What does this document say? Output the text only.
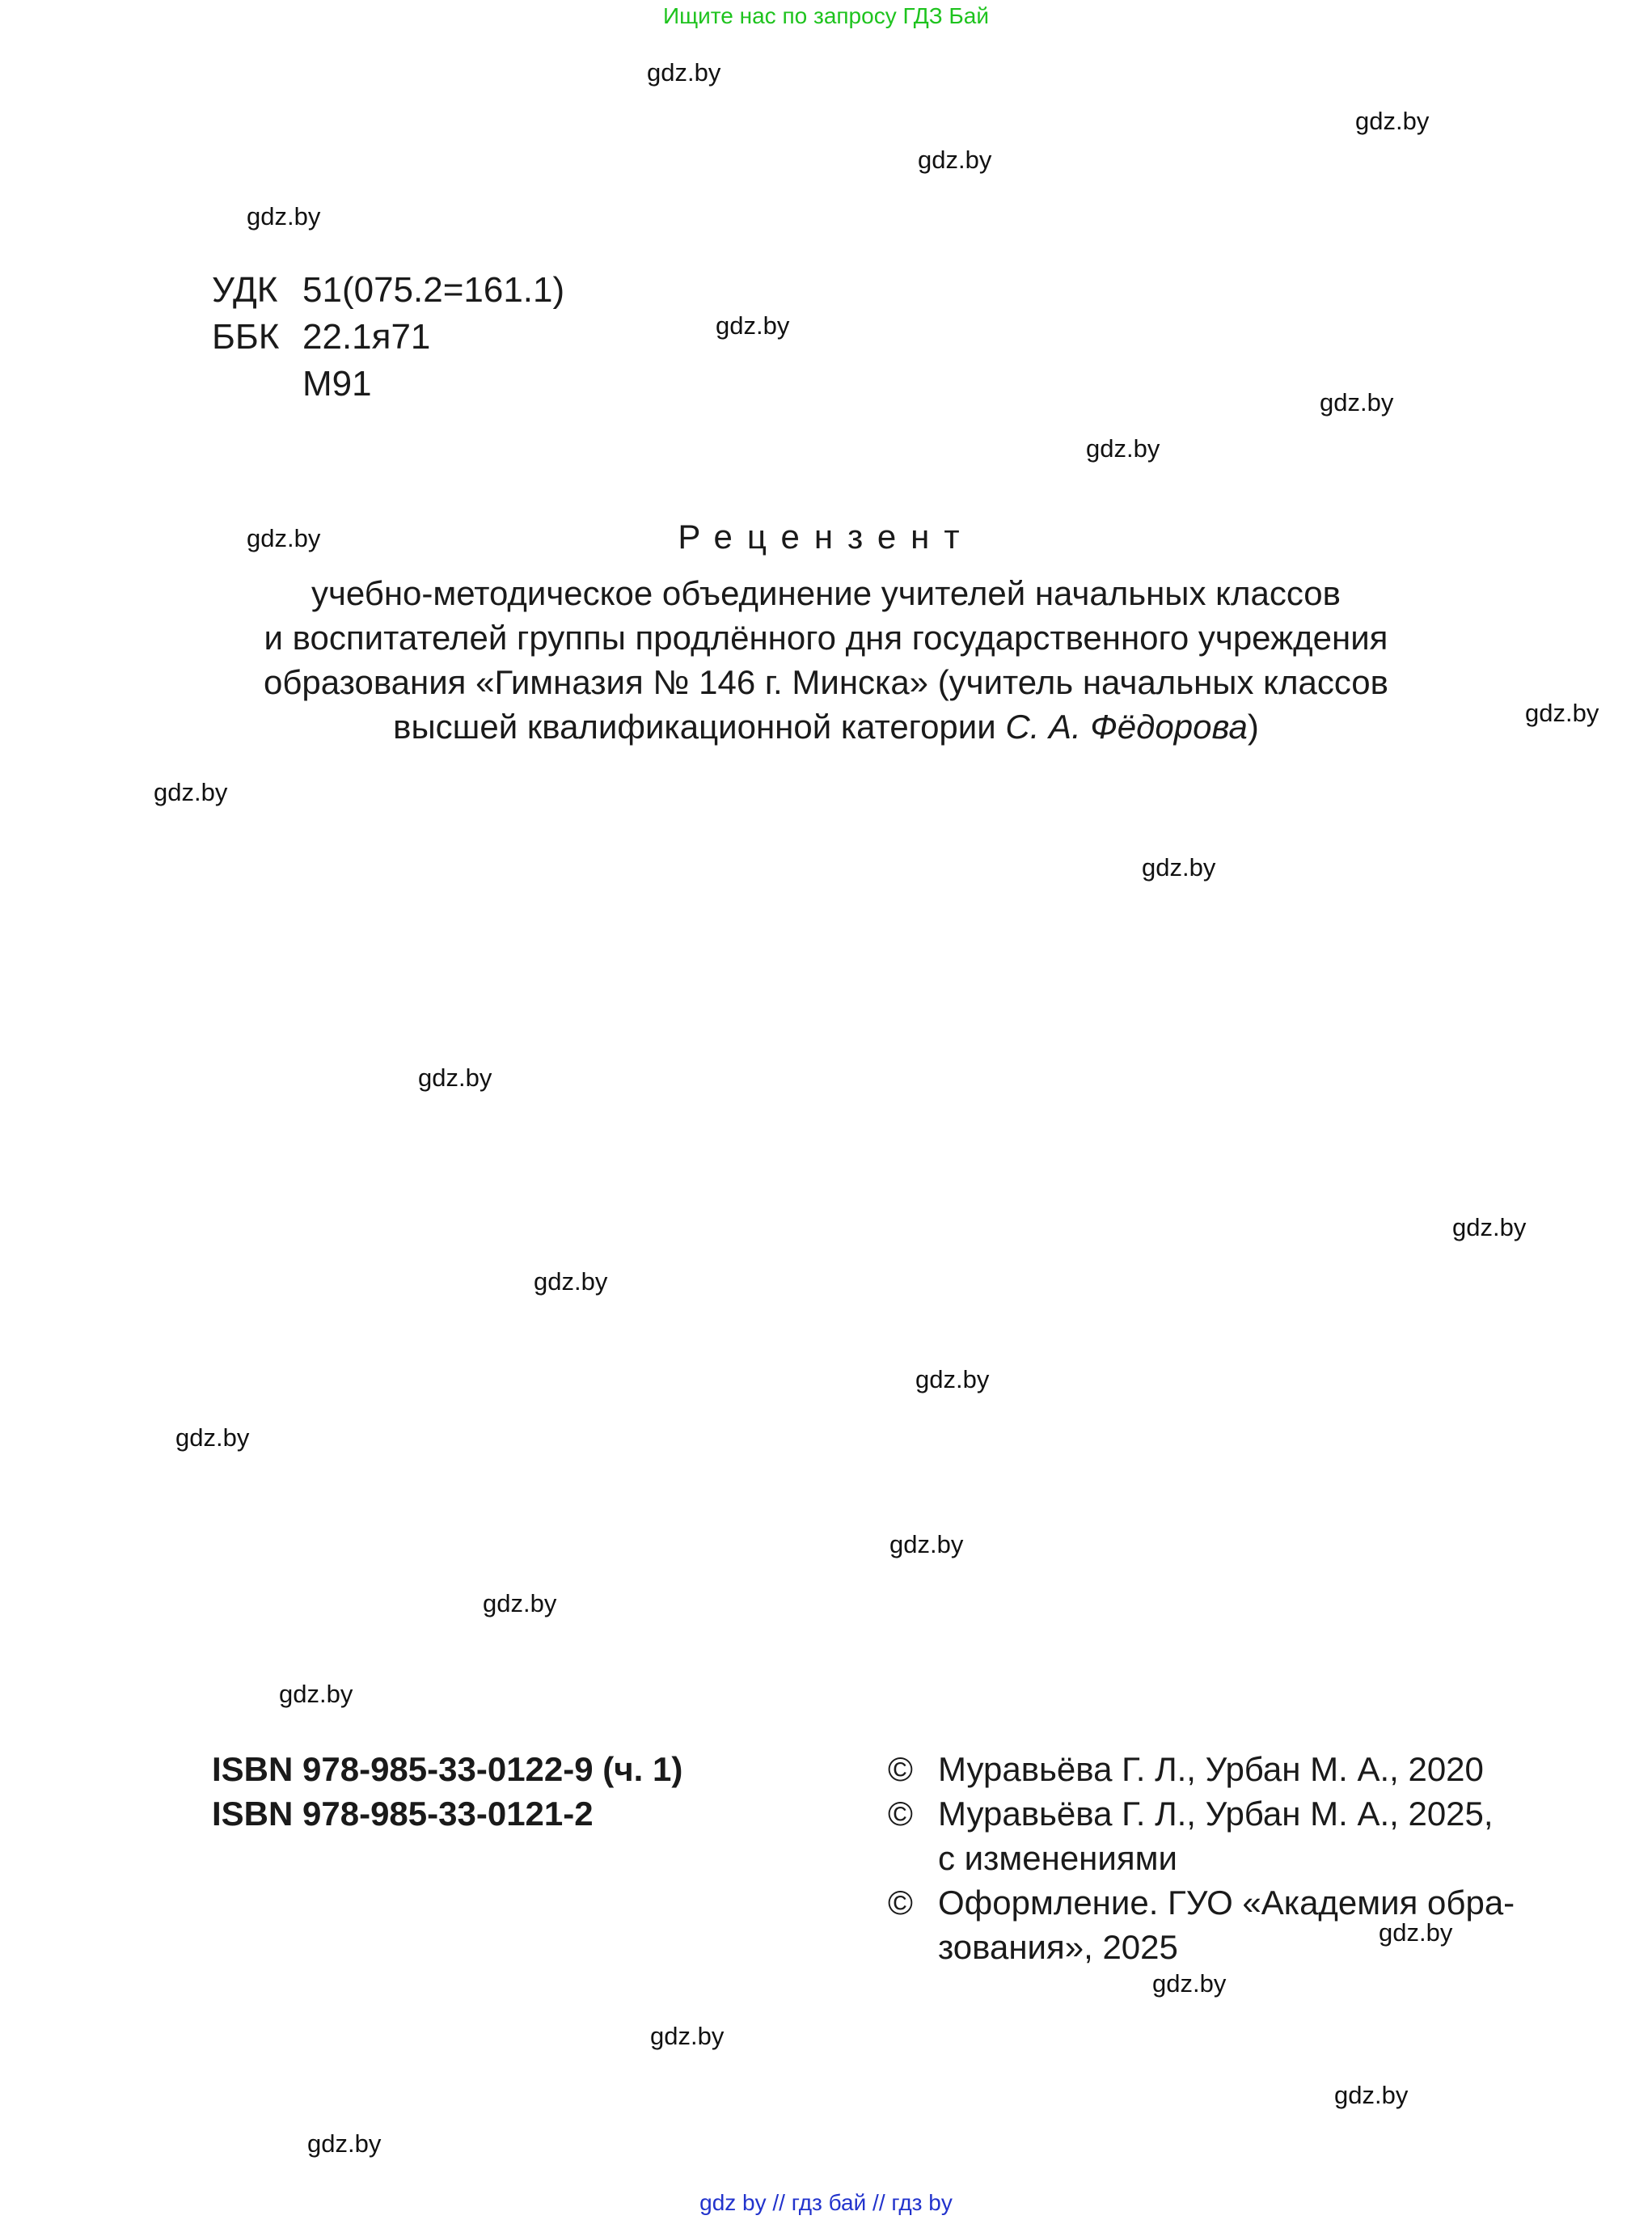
Ищите нас по запросу ГДЗ Бай
gdz.by
gdz.by
gdz.by
gdz.by
gdz.by
gdz.by
gdz.by
gdz.by
gdz.by
gdz.by
gdz.by
gdz.by
gdz.by
gdz.by
gdz.by
gdz.by
gdz.by
gdz.by
gdz.by
gdz.by
gdz.by
gdz.by
gdz.by
gdz.by
УДК 51(075.2=161.1)
ББК 22.1я71
М91
Рецензент
учебно-методическое объединение учителей начальных классов
и воспитателей группы продлённого дня государственного учреждения
образования «Гимназия № 146 г. Минска» (учитель начальных классов
высшей квалификационной категории С. А. Фёдорова)
ISBN 978-985-33-0122-9 (ч. 1)
ISBN 978-985-33-0121-2
© Муравьёва Г. Л., Урбан М. А., 2020
© Муравьёва Г. Л., Урбан М. А., 2025,
с изменениями
© Оформление. ГУО «Академия обра-
зования», 2025
gdz by // гдз бай // гдз by
